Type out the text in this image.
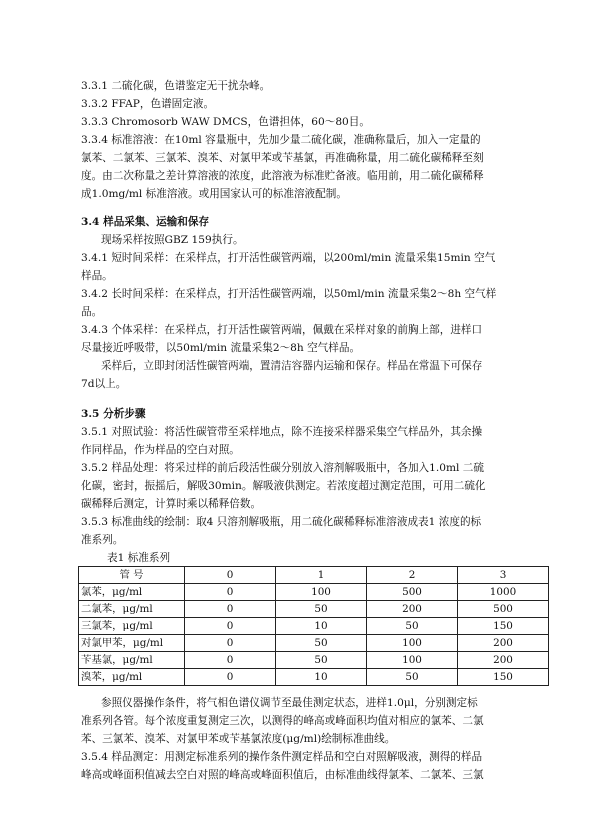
3.3.1 二硫化碳，色谱鉴定无干扰杂峰。
3.3.2 FFAP，色谱固定液。
3.3.3 Chromosorb WAW DMCS，色谱担体，60～80目。
3.3.4 标准溶液：在10ml 容量瓶中，先加少量二硫化碳，准确称量后，加入一定量的
氯苯、二氯苯、三氯苯、溴苯、对氯甲苯或苄基氯，再准确称量，用二硫化碳稀释至刻
度。由二次称量之差计算溶液的浓度，此溶液为标准贮备液。临用前，用二硫化碳稀释
成1.0mg/ml 标准溶液。或用国家认可的标准溶液配制。
3.4 样品采集、运输和保存
现场采样按照GBZ 159执行。
3.4.1 短时间采样：在采样点，打开活性碳管两端，以200ml/min 流量采集15min 空气
样品。
3.4.2 长时间采样：在采样点，打开活性碳管两端，以50ml/min 流量采集2～8h 空气样
品。
3.4.3 个体采样：在采样点，打开活性碳管两端，佩戴在采样对象的前胸上部，进样口
尽量接近呼吸带，以50ml/min 流量采集2～8h 空气样品。
采样后，立即封闭活性碳管两端，置清洁容器内运输和保存。样品在常温下可保存
7d以上。
3.5 分析步骤
3.5.1 对照试验：将活性碳管带至采样地点，除不连接采样器采集空气样品外，其余操
作同样品，作为样品的空白对照。
3.5.2 样品处理：将采过样的前后段活性碳分别放入溶剂解吸瓶中，各加入1.0ml 二硫
化碳，密封，振摇后，解吸30min。解吸液供测定。若浓度超过测定范围，可用二硫化
碳稀释后测定，计算时乘以稀释倍数。
3.5.3 标准曲线的绘制：取4 只溶剂解吸瓶，用二硫化碳稀释标准溶液成表1 浓度的标
准系列。
表1 标准系列
管 号	0	1	2	3
氯苯，μg/ml	0	100	500	1000
二氯苯，μg/ml	0	50	200	500
三氯苯，μg/ml	0	10	50	150
对氯甲苯，μg/ml	0	50	100	200
苄基氯，μg/ml	0	50	100	200
溴苯，μg/ml	0	10	50	150
参照仪器操作条件，将气相色谱仪调节至最佳测定状态，进样1.0μl，分别测定标
准系列各管。每个浓度重复测定三次，以测得的峰高或峰面积均值对相应的氯苯、二氯
苯、三氯苯、溴苯、对氯甲苯或苄基氯浓度(μg/ml)绘制标准曲线。
3.5.4 样品测定：用测定标准系列的操作条件测定样品和空白对照解吸液，测得的样品
峰高或峰面积值减去空白对照的峰高或峰面积值后，由标准曲线得氯苯、二氯苯、三氯
